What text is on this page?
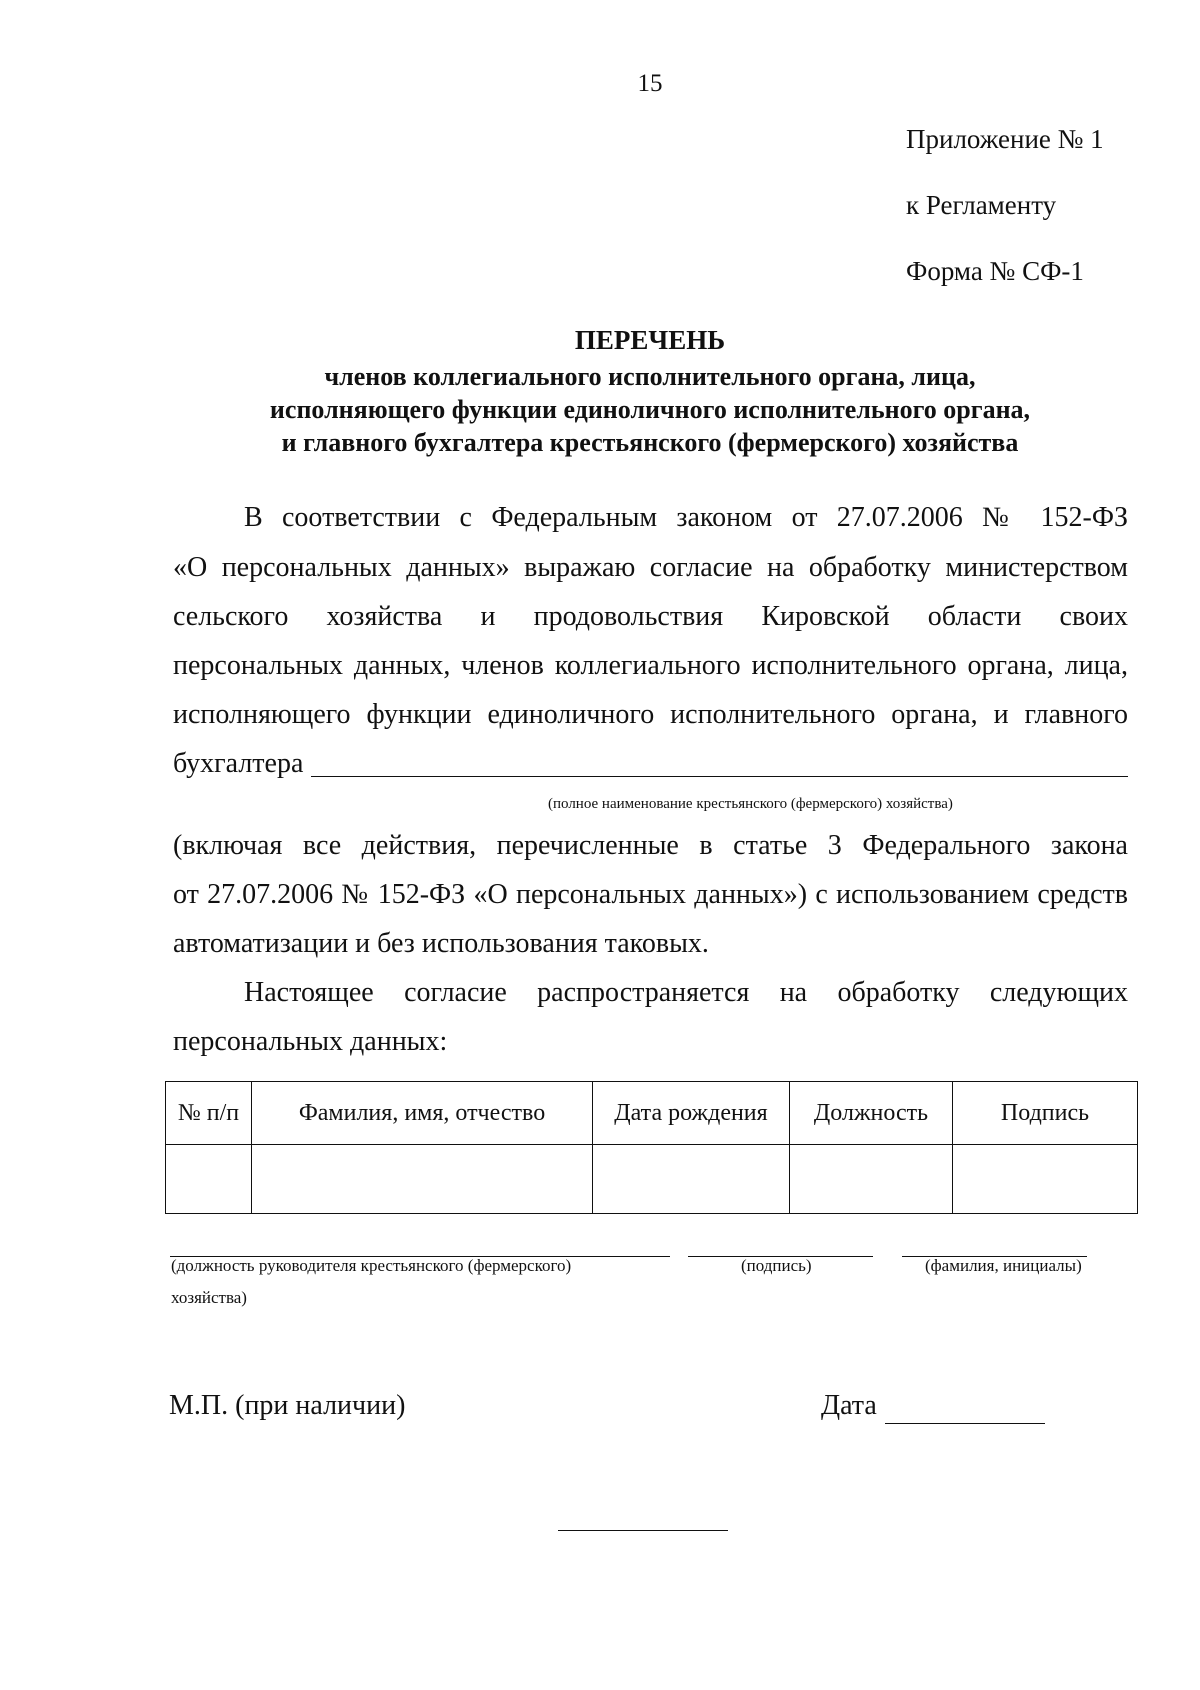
15
Приложение № 1
к Регламенту
Форма № СФ-1
ПЕРЕЧЕНЬ
членов коллегиального исполнительного органа, лица,
исполняющего функции единоличного исполнительного органа,
и главного бухгалтера крестьянского (фермерского) хозяйства
В соответствии с Федеральным законом от 27.07.2006 № 152-ФЗ
«О персональных данных» выражаю согласие на обработку министерством
сельского хозяйства и продовольствия Кировской области своих
персональных данных, членов коллегиального исполнительного органа, лица,
исполняющего функции единоличного исполнительного органа, и главного
бухгалтера
(полное наименование крестьянского (фермерского) хозяйства)
(включая все действия, перечисленные в статье 3 Федерального закона
от 27.07.2006 № 152-ФЗ «О персональных данных») с использованием средств
автоматизации и без использования таковых.
Настоящее согласие распространяется на обработку следующих
персональных данных:
№ п/п	Фамилия, имя, отчество	Дата рождения	Должность	Подпись

(должность руководителя крестьянского (фермерского)	(подпись)	(фамилия, инициалы)
хозяйства)
М.П. (при наличии)	Дата
